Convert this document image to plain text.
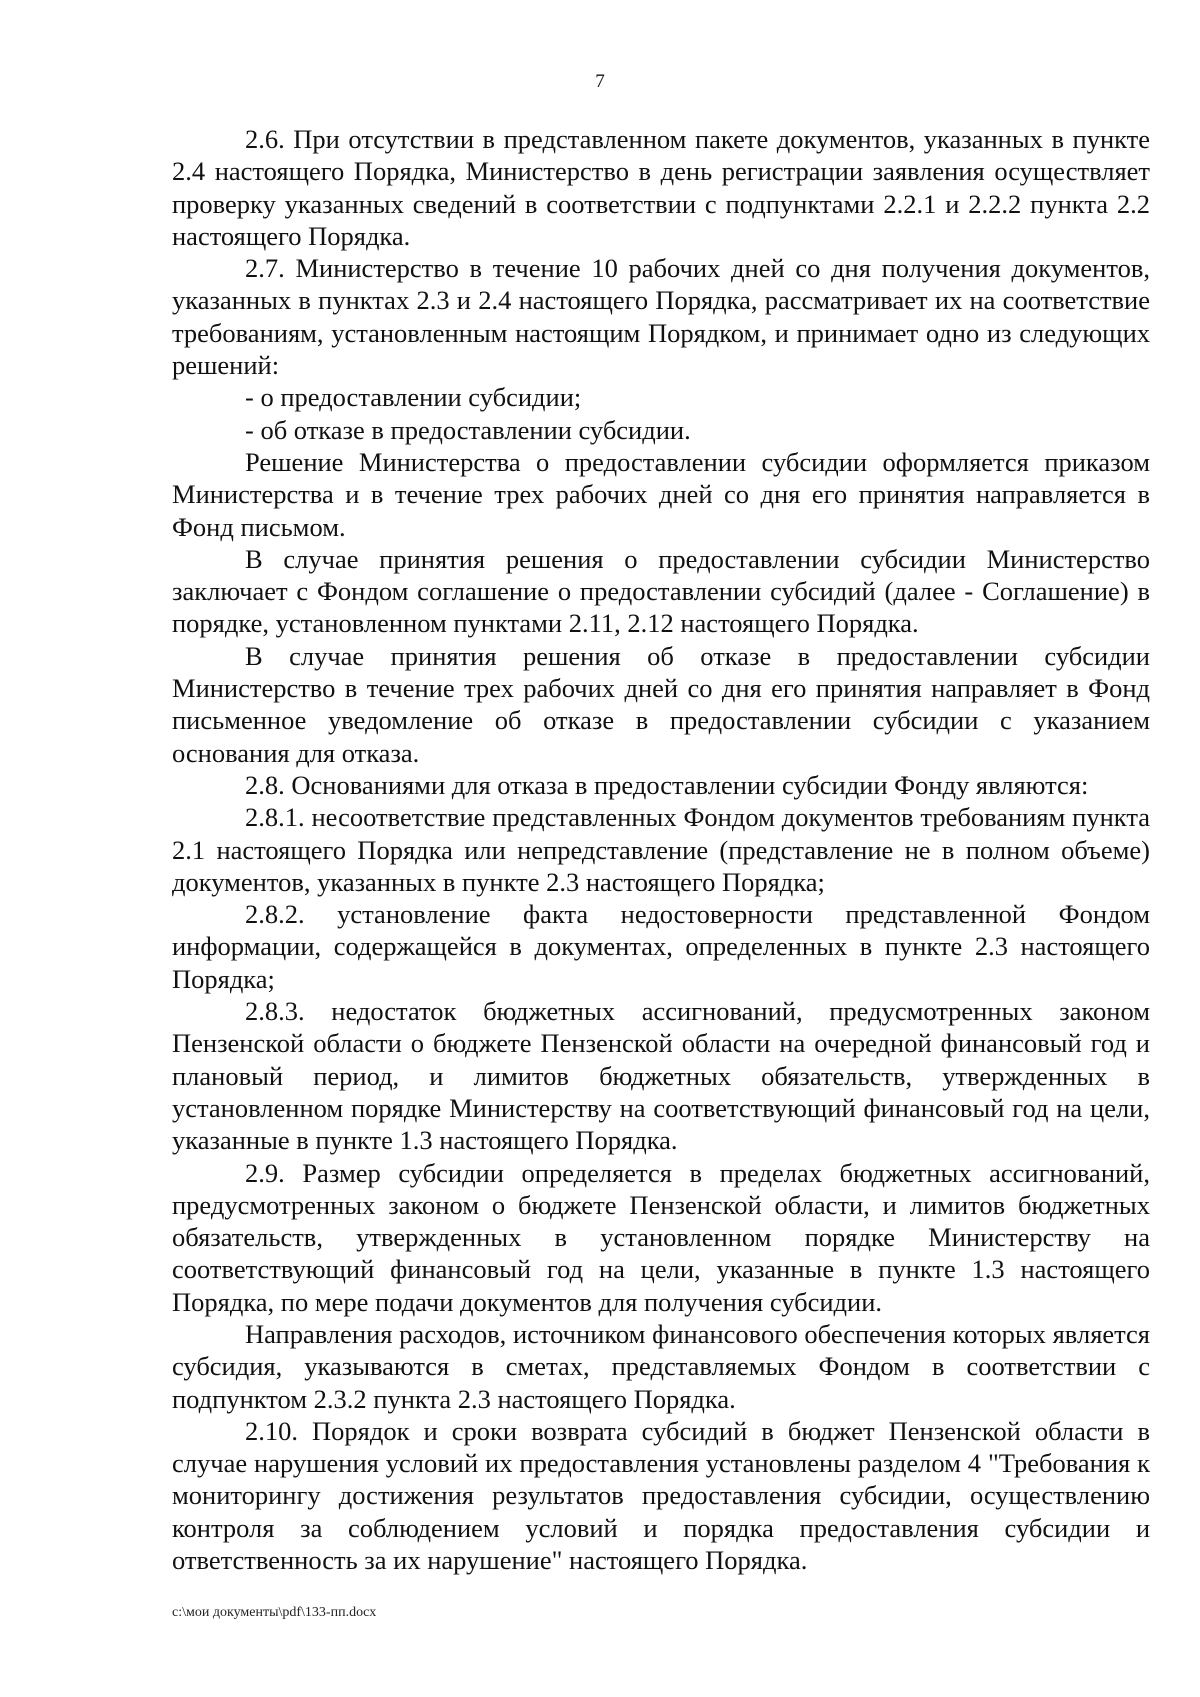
7

2.6. При отсутствии в представленном пакете документов, указанных в пункте 2.4 настоящего Порядка, Министерство в день регистрации заявления осуществляет проверку указанных сведений в соответствии с подпунктами 2.2.1 и 2.2.2 пункта 2.2 настоящего Порядка.

2.7. Министерство в течение 10 рабочих дней со дня получения документов, указанных в пунктах 2.3 и 2.4 настоящего Порядка, рассматривает их на соответствие требованиям, установленным настоящим Порядком, и принимает одно из следующих решений:

- о предоставлении субсидии;

- об отказе в предоставлении субсидии.

Решение Министерства о предоставлении субсидии оформляется приказом Министерства и в течение трех рабочих дней со дня его принятия направляется в Фонд письмом.

В случае принятия решения о предоставлении субсидии Министерство заключает с Фондом соглашение о предоставлении субсидий (далее - Соглашение) в порядке, установленном пунктами 2.11, 2.12 настоящего Порядка.

В случае принятия решения об отказе в предоставлении субсидии Министерство в течение трех рабочих дней со дня его принятия направляет в Фонд письменное уведомление об отказе в предоставлении субсидии с указанием основания для отказа.

2.8. Основаниями для отказа в предоставлении субсидии Фонду являются:

2.8.1. несоответствие представленных Фондом документов требованиям пункта 2.1 настоящего Порядка или непредставление (представление не в полном объеме) документов, указанных в пункте 2.3 настоящего Порядка;

2.8.2. установление факта недостоверности представленной Фондом информации, содержащейся в документах, определенных в пункте 2.3 настоящего Порядка;

2.8.3. недостаток бюджетных ассигнований, предусмотренных законом Пензенской области о бюджете Пензенской области на очередной финансовый год и плановый период, и лимитов бюджетных обязательств, утвержденных в установленном порядке Министерству на соответствующий финансовый год на цели, указанные в пункте 1.3 настоящего Порядка.

2.9. Размер субсидии определяется в пределах бюджетных ассигнований, предусмотренных законом о бюджете Пензенской области, и лимитов бюджетных обязательств, утвержденных в установленном порядке Министерству на соответствующий финансовый год на цели, указанные в пункте 1.3 настоящего Порядка, по мере подачи документов для получения субсидии.

Направления расходов, источником финансового обеспечения которых является субсидия, указываются в сметах, представляемых Фондом в соответствии с подпунктом 2.3.2 пункта 2.3 настоящего Порядка.

2.10. Порядок и сроки возврата субсидий в бюджет Пензенской области в случае нарушения условий их предоставления установлены разделом 4 "Требования к мониторингу достижения результатов предоставления субсидии, осуществлению контроля за соблюдением условий и порядка предоставления субсидии и ответственность за их нарушение" настоящего Порядка.

c:\мои документы\pdf\133-пп.docx
